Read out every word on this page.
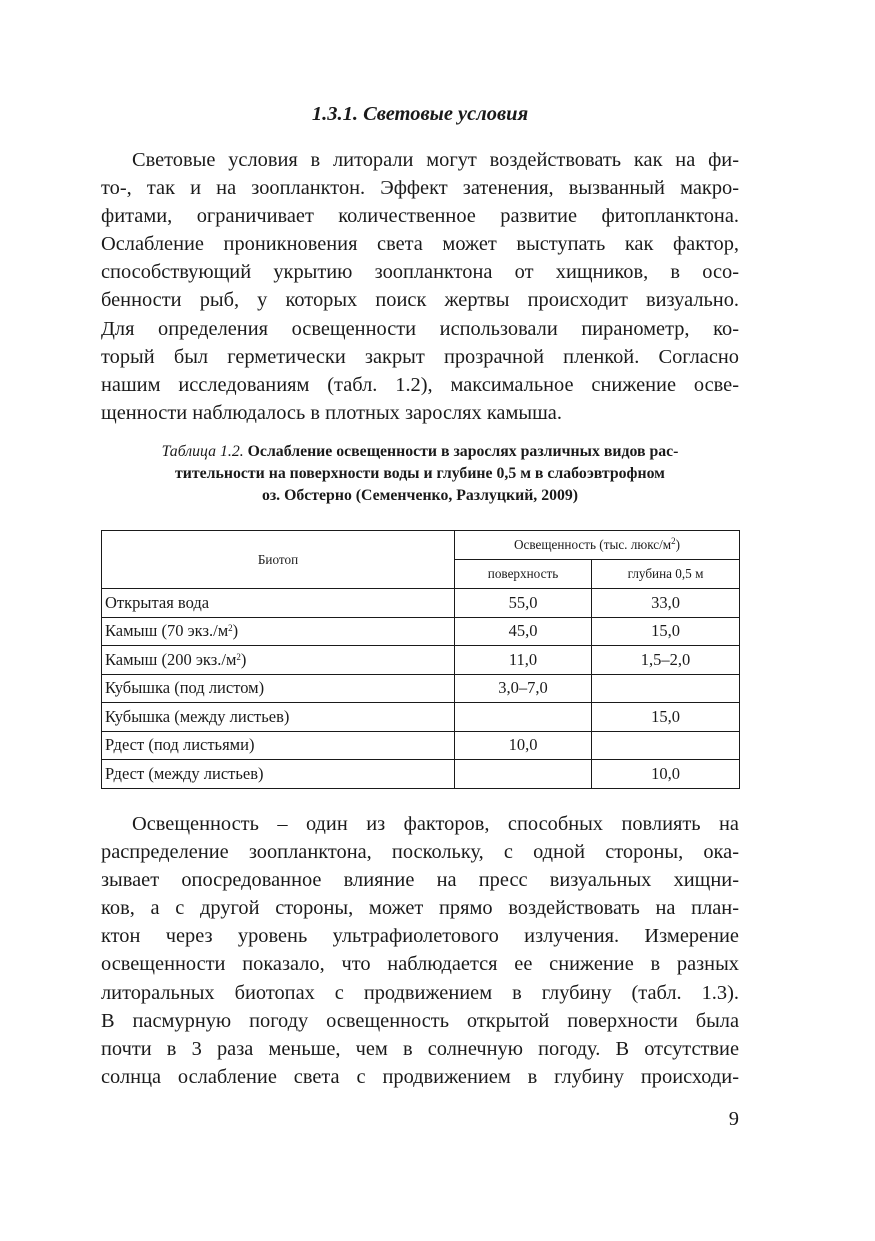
1.3.1. Световые условия

Световые условия в литорали могут воздействовать как на фи-
то-, так и на зоопланктон. Эффект затенения, вызванный макро-
фитами, ограничивает количественное развитие фитопланктона.
Ослабление проникновения света может выступать как фактор,
способствующий укрытию зоопланктона от хищников, в осо-
бенности рыб, у которых поиск жертвы происходит визуально.
Для определения освещенности использовали пиранометр, ко-
торый был герметически закрыт прозрачной пленкой. Согласно
нашим исследованиям (табл. 1.2), максимальное снижение осве-
щенности наблюдалось в плотных зарослях камыша.

Таблица 1.2. Ослабление освещенности в зарослях различных видов рас-
тительности на поверхности воды и глубине 0,5 м в слабоэвтрофном
оз. Обстерно (Семенченко, Разлуцкий, 2009)
Биотоп	Освещенность (тыс. люкс/$м^2$)	
	поверхность	глубина 0,5 м
Открытая вода	55,0	33,0
Камыш (70 $экз./м^2$)	45,0	15,0
Камыш (200 $экз./м^2$)	11,0	1,5–2,0
Кубышка (под листом)	3,0–7,0	
Кубышка (между листьев)		15,0
Рдест (под листьями)	10,0	
Рдест (между листьев)		10,0

Освещенность – один из факторов, способных повлиять на
распределение зоопланктона, поскольку, с одной стороны, ока-
зывает опосредованное влияние на пресс визуальных хищни-
ков, а с другой стороны, может прямо воздействовать на план-
ктон через уровень ультрафиолетового излучения. Измерение
освещенности показало, что наблюдается ее снижение в разных
литоральных биотопах с продвижением в глубину (табл. 1.3).
В пасмурную погоду освещенность открытой поверхности была
почти в 3 раза меньше, чем в солнечную погоду. В отсутствие
солнца ослабление света с продвижением в глубину происходи-

9
